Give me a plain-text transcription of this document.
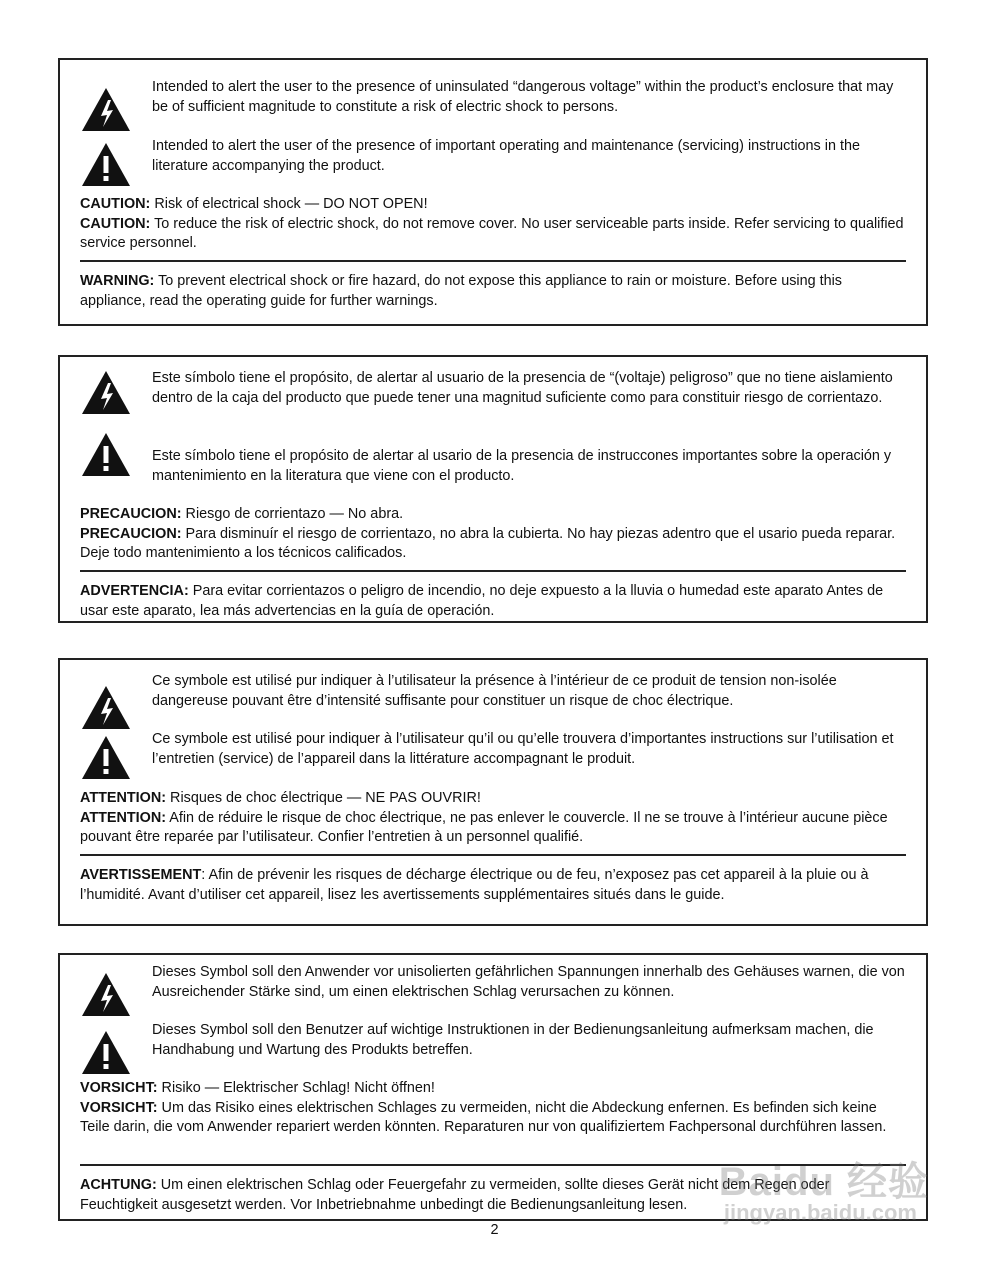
Intended to alert the user to the presence of uninsulated “dangerous voltage” within the product’s enclosure that may be of sufficient magnitude to constitute a risk of electric shock to persons.

Intended to alert the user of the presence of important operating and maintenance (servicing) instructions in the literature accompanying the product.

CAUTION: Risk of electrical shock — DO NOT OPEN!

CAUTION: To reduce the risk of electric shock, do not remove cover. No user serviceable parts inside. Refer servicing to qualified service personnel.

WARNING: To prevent electrical shock or fire hazard, do not expose this appliance to rain or moisture. Before using this appliance, read the operating guide for further warnings.

Este símbolo tiene el propósito, de alertar al usuario de la presencia de “(voltaje) peligroso” que no tiene aislamiento dentro de la caja del producto que puede tener una magnitud suficiente como para constituir riesgo de corrientazo.

Este símbolo tiene el propósito de alertar al usario de la presencia de instruccones importantes sobre la operación y mantenimiento en la literatura que viene con el producto.

PRECAUCION: Riesgo de corrientazo — No abra.

PRECAUCION: Para disminuír el riesgo de corrientazo, no abra la cubierta. No hay piezas adentro que el usario pueda reparar. Deje todo mantenimiento a los técnicos calificados.

ADVERTENCIA: Para evitar corrientazos o peligro de incendio, no deje expuesto a la lluvia o humedad este aparato Antes de usar este aparato, lea más advertencias en la guía de operación.

Ce symbole est utilisé pur indiquer à l’utilisateur la présence à l’intérieur de ce produit de tension non-isolée dangereuse pouvant être d’intensité suffisante pour constituer un risque de choc électrique.

Ce symbole est utilisé pour indiquer à l’utilisateur qu’il ou qu’elle trouvera d’importantes instructions sur l’utilisation et l’entretien (service) de l’appareil dans la littérature accompagnant le produit.

ATTENTION: Risques de choc électrique — NE PAS OUVRIR!

ATTENTION: Afin de réduire le risque de choc électrique, ne pas enlever le couvercle. Il ne se trouve à l’intérieur aucune pièce pouvant être reparée par l’utilisateur. Confier l’entretien à un personnel qualifié.

AVERTISSEMENT: Afin de prévenir les risques de décharge électrique ou de feu, n’exposez pas cet appareil à la pluie ou à l’humidité. Avant d’utiliser cet appareil, lisez les avertissements supplémentaires situés dans le guide.

Dieses Symbol soll den Anwender vor unisolierten gefährlichen Spannungen innerhalb des Gehäuses warnen, die von Ausreichender Stärke sind, um einen elektrischen Schlag verursachen zu können.

Dieses Symbol soll den Benutzer auf wichtige Instruktionen in der Bedienungsanleitung aufmerksam machen, die Handhabung und Wartung des Produkts betreffen.

VORSICHT: Risiko — Elektrischer Schlag! Nicht öffnen!

VORSICHT: Um das Risiko eines elektrischen Schlages zu vermeiden, nicht die Abdeckung enfernen. Es befinden sich keine Teile darin, die vom Anwender repariert werden könnten. Reparaturen nur von qualifiziertem Fachpersonal durchführen lassen.

ACHTUNG: Um einen elektrischen Schlag oder Feuergefahr zu vermeiden, sollte dieses Gerät nicht dem Regen oder Feuchtigkeit ausgesetzt werden. Vor Inbetriebnahme unbedingt die Bedienungsanleitung lesen.

2
Baidu 经验
jingyan.baidu.com
